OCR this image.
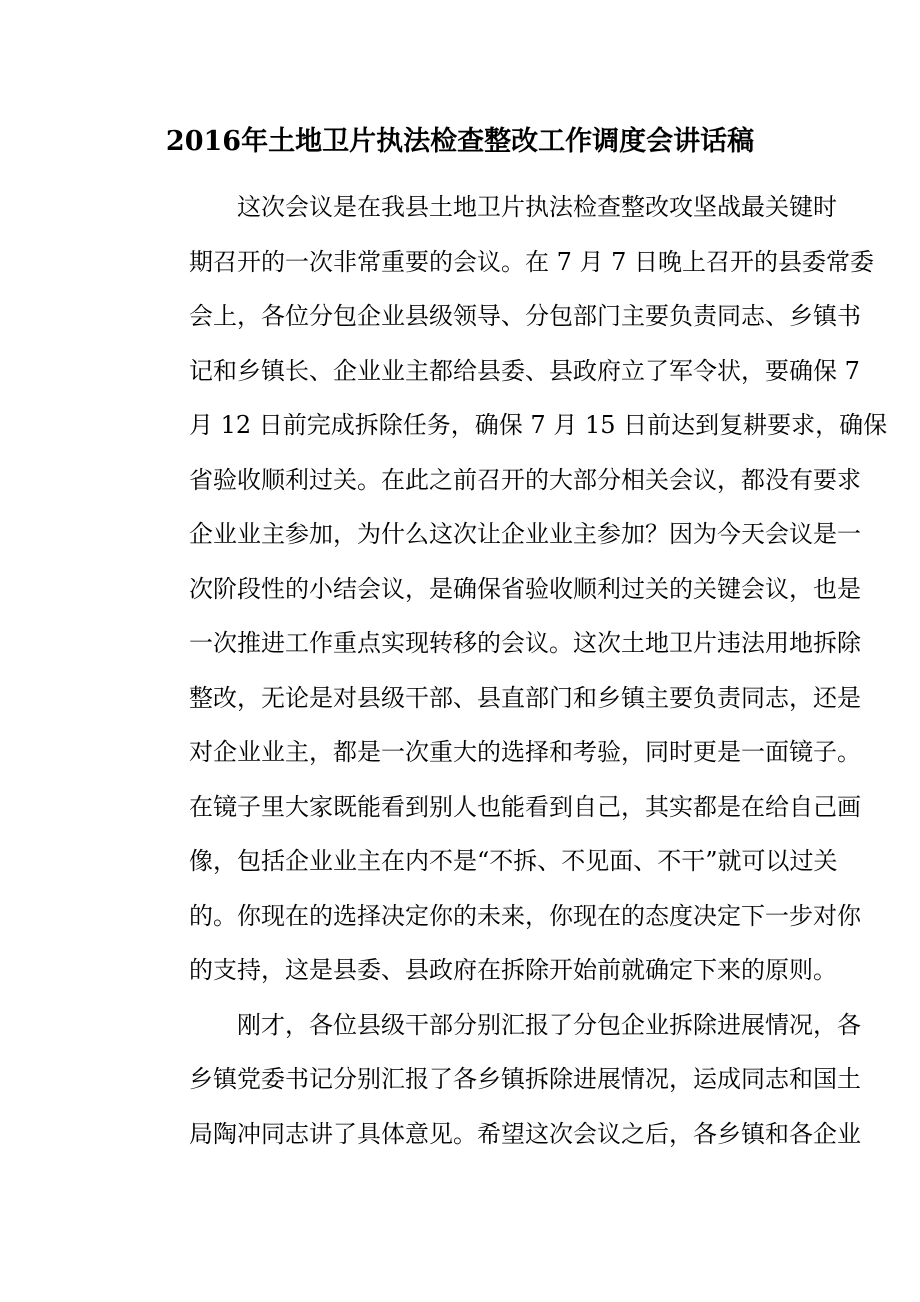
2016年土地卫片执法检查整改工作调度会讲话稿
这次会议是在我县土地卫片执法检查整改攻坚战最关键时
期召开的一次非常重要的会议。在 7 月 7 日晚上召开的县委常委
会上，各位分包企业县级领导、分包部门主要负责同志、乡镇书
记和乡镇长、企业业主都给县委、县政府立了军令状，要确保 7
月 12 日前完成拆除任务，确保 7 月 15 日前达到复耕要求，确保
省验收顺利过关。在此之前召开的大部分相关会议，都没有要求
企业业主参加，为什么这次让企业业主参加？因为今天会议是一
次阶段性的小结会议，是确保省验收顺利过关的关键会议，也是
一次推进工作重点实现转移的会议。这次土地卫片违法用地拆除
整改，无论是对县级干部、县直部门和乡镇主要负责同志，还是
对企业业主，都是一次重大的选择和考验，同时更是一面镜子。
在镜子里大家既能看到别人也能看到自己，其实都是在给自己画
像，包括企业业主在内不是“不拆、不见面、不干”就可以过关
的。你现在的选择决定你的未来，你现在的态度决定下一步对你
的支持，这是县委、县政府在拆除开始前就确定下来的原则。
刚才，各位县级干部分别汇报了分包企业拆除进展情况，各
乡镇党委书记分别汇报了各乡镇拆除进展情况，运成同志和国土
局陶冲同志讲了具体意见。希望这次会议之后，各乡镇和各企业
